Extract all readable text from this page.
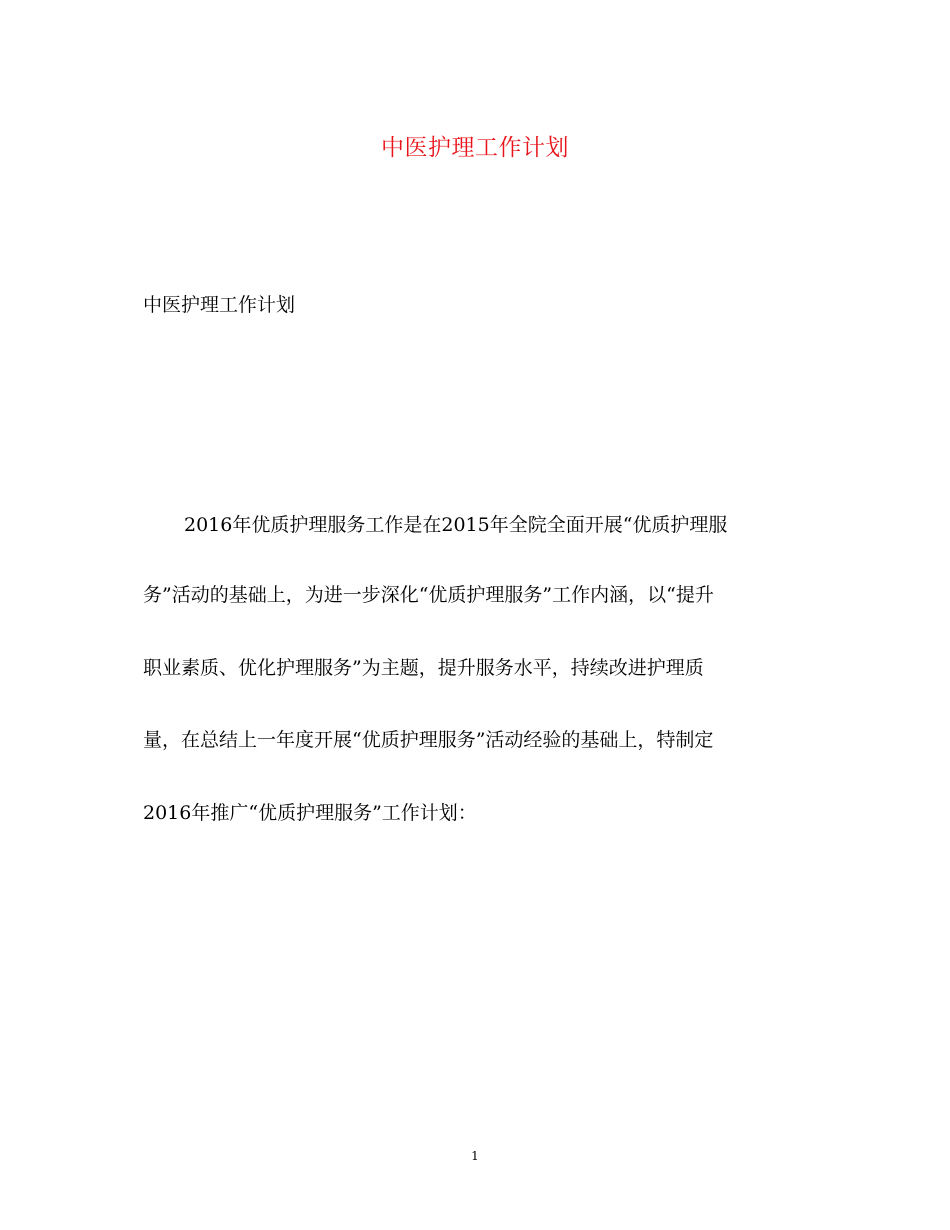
中医护理工作计划
中医护理工作计划
2016年优质护理服务工作是在2015年全院全面开展“优质护理服
务”活动的基础上，为进一步深化“优质护理服务”工作内涵，以“提升
职业素质、优化护理服务”为主题，提升服务水平，持续改进护理质
量，在总结上一年度开展“优质护理服务”活动经验的基础上，特制定
2016年推广“优质护理服务”工作计划：
1
